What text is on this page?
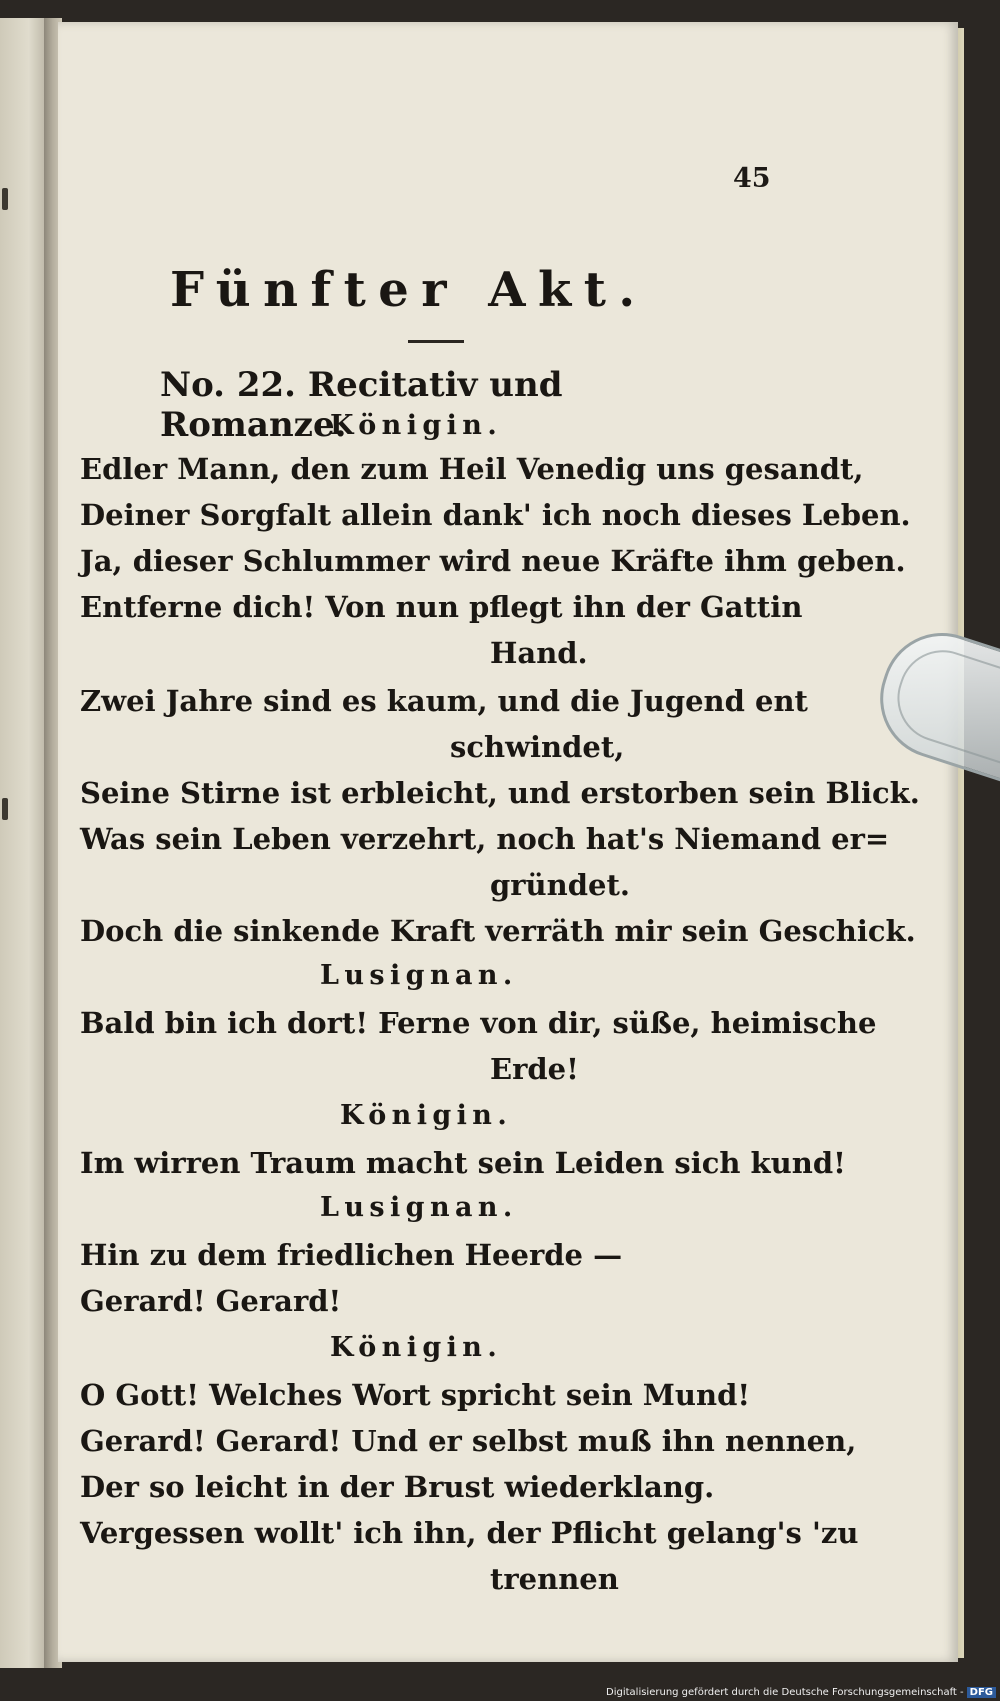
45
Fünfter Akt.
No. 22. Recitativ und Romanze.
Königin.
Edler Mann, den zum Heil Venedig uns gesandt,
Deiner Sorgfalt allein dank' ich noch dieses Leben.
Ja, dieser Schlummer wird neue Kräfte ihm geben.
Entferne dich! Von nun pflegt ihn der Gattin
Hand.
Zwei Jahre sind es kaum, und die Jugend ent
schwindet,
Seine Stirne ist erbleicht, und erstorben sein Blick.
Was sein Leben verzehrt, noch hat's Niemand er=
gründet.
Doch die sinkende Kraft verräth mir sein Geschick.
Lusignan.
Bald bin ich dort! Ferne von dir, süße, heimische
Erde!
Königin.
Im wirren Traum macht sein Leiden sich kund!
Lusignan.
Hin zu dem friedlichen Heerde —
Gerard! Gerard!
Königin.
O Gott! Welches Wort spricht sein Mund!
Gerard! Gerard! Und er selbst muß ihn nennen,
Der so leicht in der Brust wiederklang.
Vergessen wollt' ich ihn, der Pflicht gelang's 'zu
trennen
Digitalisierung gefördert durch die Deutsche Forschungsgemeinschaft - DFG
